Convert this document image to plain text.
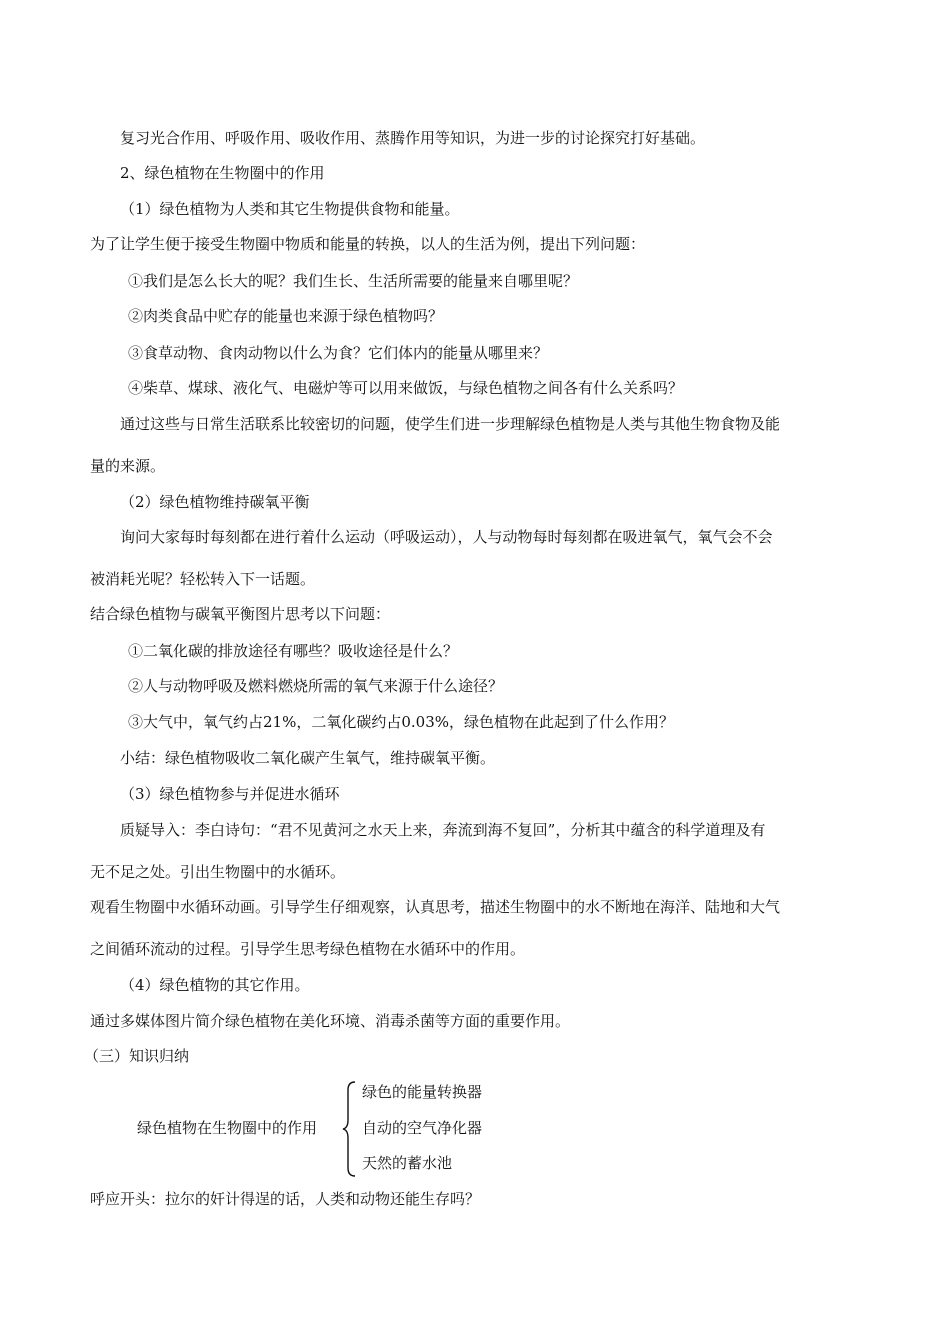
复习光合作用、呼吸作用、吸收作用、蒸腾作用等知识，为进一步的讨论探究打好基础。
2、绿色植物在生物圈中的作用
（1）绿色植物为人类和其它生物提供食物和能量。
为了让学生便于接受生物圈中物质和能量的转换，以人的生活为例，提出下列问题：
①我们是怎么长大的呢？我们生长、生活所需要的能量来自哪里呢？
②肉类食品中贮存的能量也来源于绿色植物吗？
③食草动物、食肉动物以什么为食？它们体内的能量从哪里来？
④柴草、煤球、液化气、电磁炉等可以用来做饭，与绿色植物之间各有什么关系吗？
通过这些与日常生活联系比较密切的问题，使学生们进一步理解绿色植物是人类与其他生物食物及能
量的来源。
（2）绿色植物维持碳氧平衡
询问大家每时每刻都在进行着什么运动（呼吸运动），人与动物每时每刻都在吸进氧气，氧气会不会
被消耗光呢？轻松转入下一话题。
结合绿色植物与碳氧平衡图片思考以下问题：
①二氧化碳的排放途径有哪些？吸收途径是什么？
②人与动物呼吸及燃料燃烧所需的氧气来源于什么途径？
③大气中，氧气约占21%，二氧化碳约占0.03%，绿色植物在此起到了什么作用？
小结：绿色植物吸收二氧化碳产生氧气，维持碳氧平衡。
（3）绿色植物参与并促进水循环
质疑导入：李白诗句：“君不见黄河之水天上来，奔流到海不复回”，分析其中蕴含的科学道理及有
无不足之处。引出生物圈中的水循环。
观看生物圈中水循环动画。引导学生仔细观察，认真思考，描述生物圈中的水不断地在海洋、陆地和大气
之间循环流动的过程。引导学生思考绿色植物在水循环中的作用。
（4）绿色植物的其它作用。
通过多媒体图片简介绿色植物在美化环境、消毒杀菌等方面的重要作用。
（三）知识归纳
绿色植物在生物圈中的作用
绿色的能量转换器
自动的空气净化器
天然的蓄水池
呼应开头：拉尔的奸计得逞的话，人类和动物还能生存吗？
